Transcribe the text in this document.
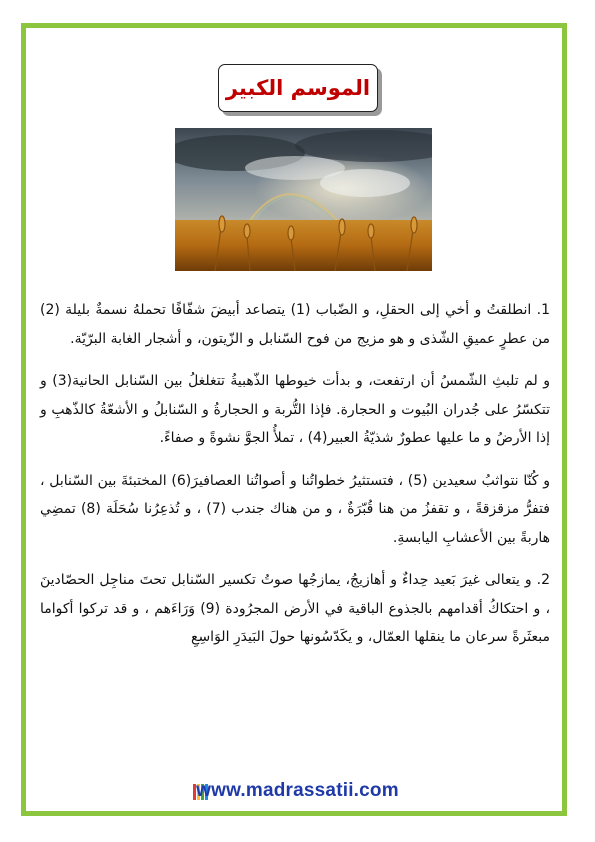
الموسم الكبير

1. انطلقتُ و أخي إلى الحقلِ، و الضّباب (1) يتصاعد أبيضَ شفّافًا تحملهُ نسمةٌ بليلة (2) من عطرٍ عميقِ الشّذى و هو مزيج من فوح السّنابل و الزّيتون، و أشجار الغابة البرّيّة.

و لم تلبثِ الشّمسُ أن ارتفعت، و بدأت خيوطها الذّهبيةُ تتغلغلُ بين السّنابل الحانية(3) و تتكسّرُ على جُدران البُيوت و الحجارة. فإذا التُّربة و الحجارةُ و السّنابلُ و الأشعّةُ كالذّهبِ و إذا الأرضُ و ما عليها عطورٌ شذيّةُ العبير(4) ، تملأُ الجوَّ نشوةً و صفاءً.

و كُنّا نتواثبُ سعيدين (5) ، فتستثيرُ خطواتُنا و أصواتُنا العصافيرَ(6) المختبئةَ بين السّنابل ، فتفرُّ مزقزقةً ، و تقفزُ من هنا قُبّرَةٌ ، و من هناك جندب (7) ، و تُذعِرُنا سُحَلَة (8) تمضِي هاربةً بين الأعشابِ اليابسةِ.

2. و يتعالى غيرَ بَعيد حِداءٌ و أهازيجُ، يمازجُها صوتُ تكسير السّنابل تحتَ مناجِل الحصّادينَ ، و احتكاكُ أقدامهم بالجذوع الباقية في الأرض المجرُودة (9) وَرَاءَهم ، و قد تركوا أكواما مبعثَرةً سرعان ما ينقلها العمّال، و يكَدّسُونها حولَ البَيدَرِ الوَاسِعِ

www.madrassatii.com
